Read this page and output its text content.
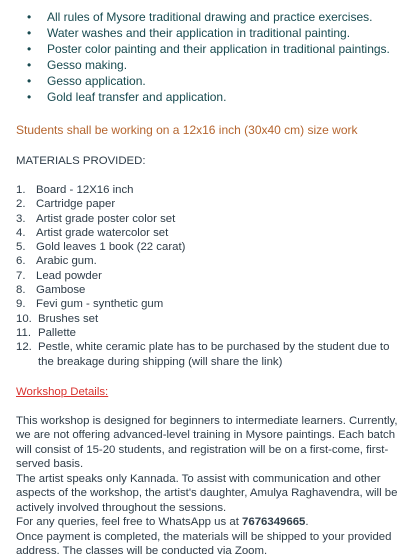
• All rules of Mysore traditional drawing and practice exercises.
• Water washes and their application in traditional painting.
• Poster color painting and their application in traditional paintings.
• Gesso making.
• Gesso application.
• Gold leaf transfer and application.
Students shall be working on a 12x16 inch (30x40 cm) size work
MATERIALS PROVIDED:
1. Board - 12X16 inch
2. Cartridge paper
3. Artist grade poster color set
4. Artist grade watercolor set
5. Gold leaves 1 book (22 carat)
6. Arabic gum.
7. Lead powder
8. Gambose
9. Fevi gum - synthetic gum
10. Brushes set
11. Pallette
12. Pestle, white ceramic plate has to be purchased by the student due to the breakage during shipping (will share the link)
Workshop Details:
This workshop is designed for beginners to intermediate learners. Currently, we are not offering advanced-level training in Mysore paintings. Each batch will consist of 15-20 students, and registration will be on a first-come, first-served basis.
The artist speaks only Kannada. To assist with communication and other aspects of the workshop, the artist's daughter, Amulya Raghavendra, will be actively involved throughout the sessions.
For any queries, feel free to WhatsApp us at 7676349665.
Once payment is completed, the materials will be shipped to your provided address. The classes will be conducted via Zoom.
